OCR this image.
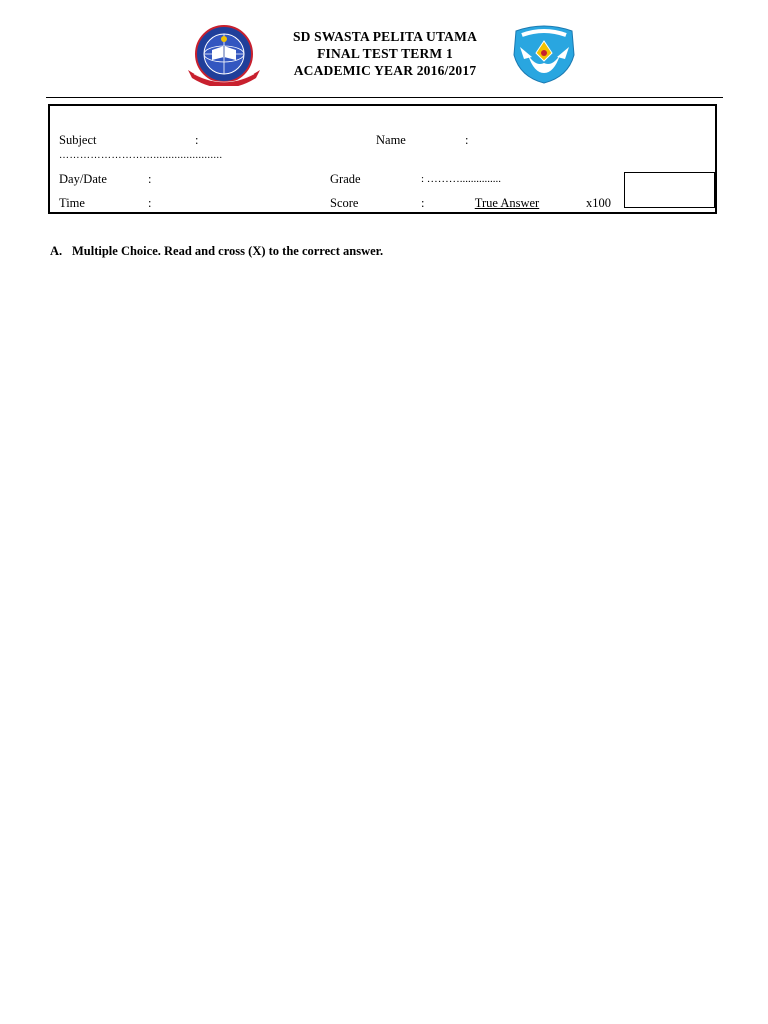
SD SWASTA PELITA UTAMA
FINAL TEST TERM 1
ACADEMIC YEAR 2016/2017
Subject	:	Name	:
……………………….......................
Day/Date	:	Grade	: ………...............
Time	:	Score	:	True Answer	x100
A. Multiple Choice. Read and cross (X) to the correct answer.
